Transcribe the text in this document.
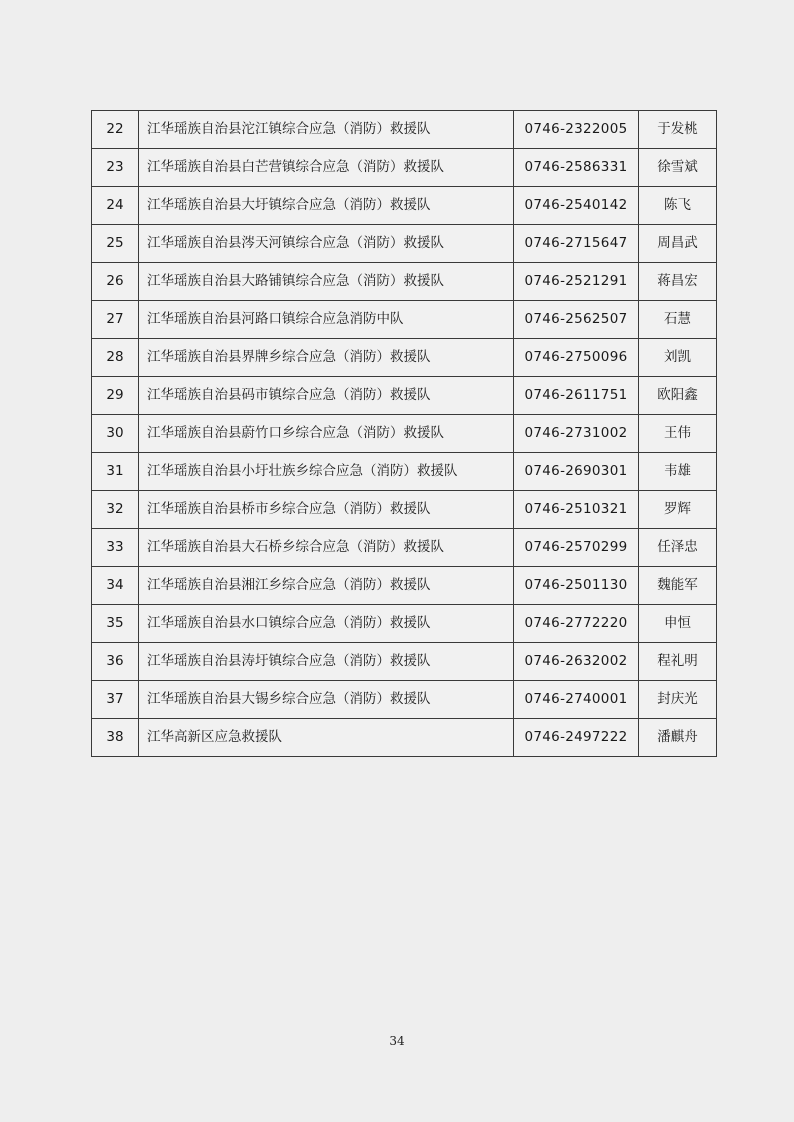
22	江华瑶族自治县沱江镇综合应急（消防）救援队	0746-2322005	于发桃
23	江华瑶族自治县白芒营镇综合应急（消防）救援队	0746-2586331	徐雪斌
24	江华瑶族自治县大圩镇综合应急（消防）救援队	0746-2540142	陈飞
25	江华瑶族自治县涔天河镇综合应急（消防）救援队	0746-2715647	周昌武
26	江华瑶族自治县大路铺镇综合应急（消防）救援队	0746-2521291	蒋昌宏
27	江华瑶族自治县河路口镇综合应急消防中队	0746-2562507	石慧
28	江华瑶族自治县界牌乡综合应急（消防）救援队	0746-2750096	刘凯
29	江华瑶族自治县码市镇综合应急（消防）救援队	0746-2611751	欧阳鑫
30	江华瑶族自治县蔚竹口乡综合应急（消防）救援队	0746-2731002	王伟
31	江华瑶族自治县小圩壮族乡综合应急（消防）救援队	0746-2690301	韦雄
32	江华瑶族自治县桥市乡综合应急（消防）救援队	0746-2510321	罗辉
33	江华瑶族自治县大石桥乡综合应急（消防）救援队	0746-2570299	任泽忠
34	江华瑶族自治县湘江乡综合应急（消防）救援队	0746-2501130	魏能军
35	江华瑶族自治县水口镇综合应急（消防）救援队	0746-2772220	申恒
36	江华瑶族自治县涛圩镇综合应急（消防）救援队	0746-2632002	程礼明
37	江华瑶族自治县大锡乡综合应急（消防）救援队	0746-2740001	封庆光
38	江华高新区应急救援队	0746-2497222	潘麒舟
34
